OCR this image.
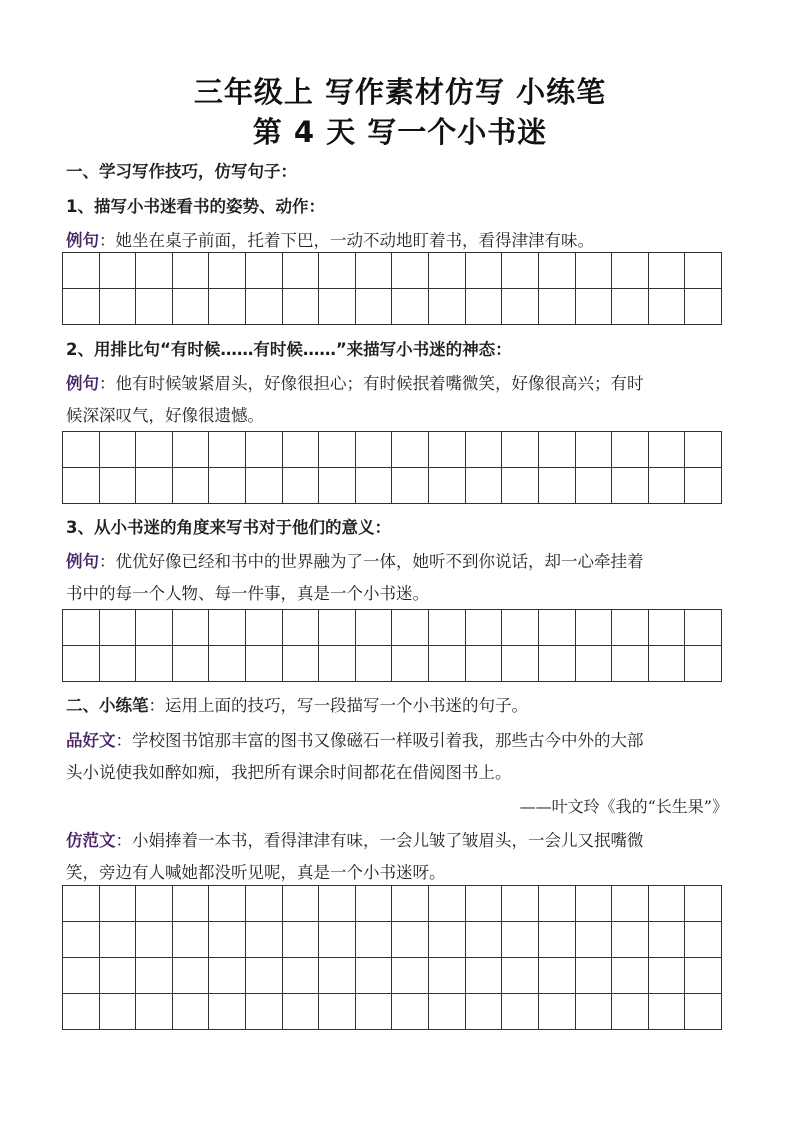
三年级上 写作素材仿写 小练笔
第 4 天 写一个小书迷
一、学习写作技巧，仿写句子：
1、描写小书迷看书的姿势、动作：
例句：她坐在桌子前面，托着下巴，一动不动地盯着书，看得津津有味。
2、用排比句“有时候……有时候……”来描写小书迷的神态：
例句：他有时候皱紧眉头，好像很担心；有时候抿着嘴微笑，好像很高兴；有时
候深深叹气，好像很遗憾。
3、从小书迷的角度来写书对于他们的意义：
例句：优优好像已经和书中的世界融为了一体，她听不到你说话，却一心牵挂着
书中的每一个人物、每一件事，真是一个小书迷。
二、小练笔：运用上面的技巧，写一段描写一个小书迷的句子。
品好文：学校图书馆那丰富的图书又像磁石一样吸引着我，那些古今中外的大部
头小说使我如醉如痴，我把所有课余时间都花在借阅图书上。
——叶文玲《我的“长生果”》
仿范文：小娟捧着一本书，看得津津有味，一会儿皱了皱眉头，一会儿又抿嘴微
笑，旁边有人喊她都没听见呢，真是一个小书迷呀。
